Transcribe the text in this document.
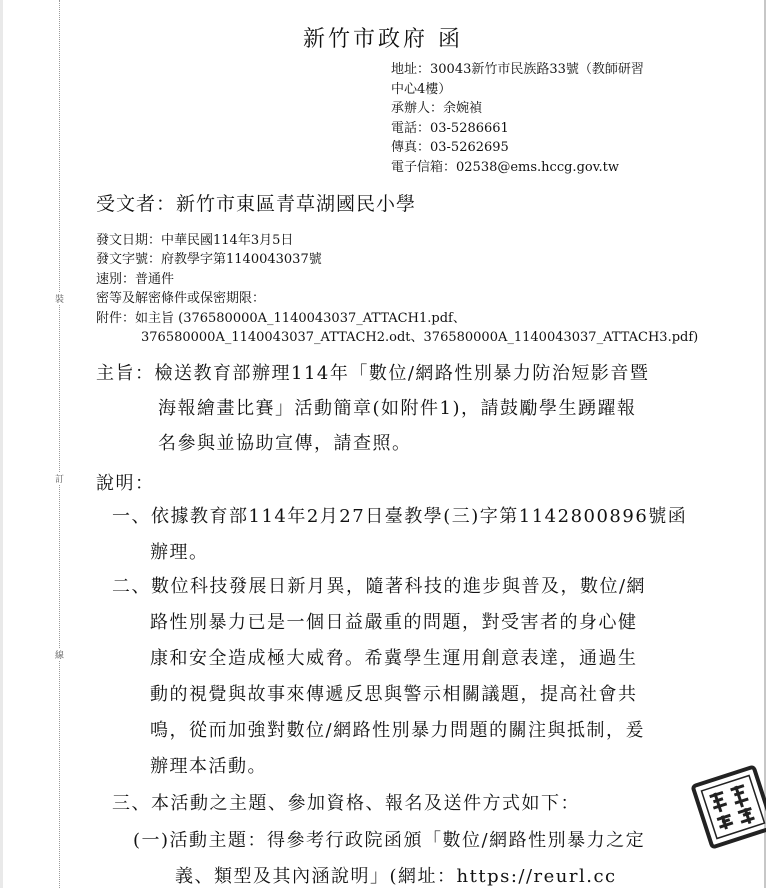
裝
訂
線
新竹市政府 函
地址：30043新竹市民族路33號（教師研習
中心4樓）
承辦人：余婉禎
電話：03-5286661
傳真：03-5262695
電子信箱：02538@ems.hccg.gov.tw
受文者：新竹市東區青草湖國民小學
發文日期：中華民國114年3月5日
發文字號：府教學字第1140043037號
速別：普通件
密等及解密條件或保密期限：
附件：如主旨 (376580000A_1140043037_ATTACH1.pdf、
376580000A_1140043037_ATTACH2.odt、376580000A_1140043037_ATTACH3.pdf)
主旨：檢送教育部辦理114年「數位/網路性別暴力防治短影音暨
海報繪畫比賽」活動簡章(如附件1)，請鼓勵學生踴躍報
名參與並協助宣傳，請查照。
說明：
一、依據教育部114年2月27日臺教學(三)字第1142800896號函
辦理。
二、數位科技發展日新月異，隨著科技的進步與普及，數位/網
路性別暴力已是一個日益嚴重的問題，對受害者的身心健
康和安全造成極大威脅。希冀學生運用創意表達，通過生
動的視覺與故事來傳遞反思與警示相關議題，提高社會共
鳴，從而加強對數位/網路性別暴力問題的關注與抵制，爰
辦理本活動。
三、本活動之主題、參加資格、報名及送件方式如下：
(一)活動主題：得參考行政院函頒「數位/網路性別暴力之定
義、類型及其內涵說明」(網址：https://reurl.cc
